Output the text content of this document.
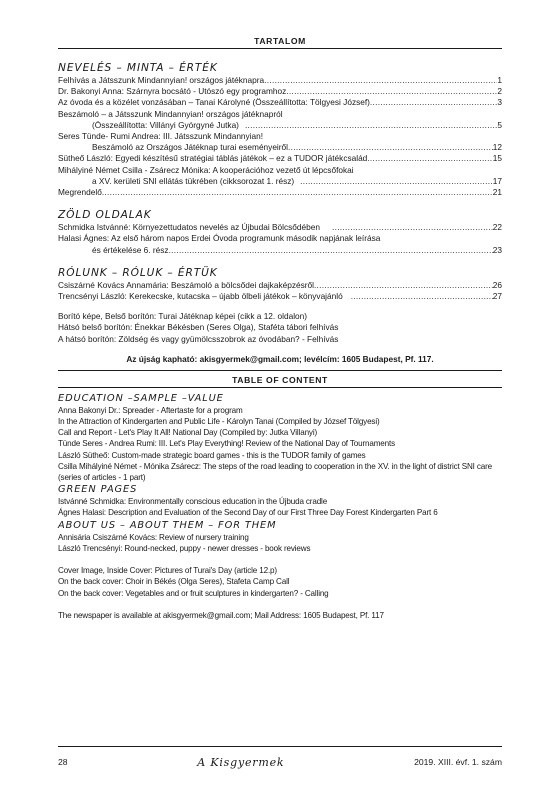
TARTALOM
NEVELÉS – MINTA – ÉRTÉK
Felhívás a Játsszunk Mindannyian! országos játéknapra .....	1
Dr. Bakonyi Anna: Szárnyra bocsátó - Utószó egy programhoz .....	2
Az óvoda és a közélet vonzásában – Tanai Károlyné (Összeállította: Tölgyesi József) .....	3
Beszámoló – a Játsszunk Mindannyian! országos játéknapról
(Összeállította: Villányi Gyórgyné Jutka) .....	5
Seres Tünde- Rumi Andrea: III. Játsszunk Mindannyian!
Beszámoló az Országos Játéknap turai eseményeiről .....	12
Sütheő László: Egyedi készítésű stratégiai táblás játékok – ez a TUDOR játékcsalád .....	15
Mihályiné Német Csilla - Zsárecz Mónika: A kooperációhoz vezető út lépcsőfokai
a XV. kerületi SNI ellátás tükrében (cikksorozat 1. rész) .....	17
Megrendelő .....	21
ZÖLD OLDALAK
Schmidka Istvánné: Környezettudatos nevelés az Újbudai Bölcsődében .....	22
Halasi Ágnes: Az első három napos Erdei Óvoda programunk második napjának leírása
és értékelése 6. rész .....	23
RÓLUNK – RÓLUK – ÉRTÜK
Csiszárné Kovács Annamária: Beszámoló a bölcsődei dajkaképzésről .....	26
Trencsényi László: Kerekecske, kutacska – újabb ölbeli játékok – könyvajánló .....	27
Borító képe, Belső borítón: Turai Játéknap képei (cikk a 12. oldalon)
Hátsó belső borítón: Énekkar Békésben (Seres Olga), Staféta tábori felhívás
A hátsó borítón: Zöldség és vagy gyümölcsszobrok az óvodában? - Felhívás
Az újság kapható: akisgyermek@gmail.com; levélcím: 1605 Budapest, Pf. 117.
TABLE OF CONTENT
EDUCATION –SAMPLE –VALUE
Anna Bakonyi Dr.: Spreader - Aftertaste for a program
In the Attraction of Kindergarten and Public Life - Károlyn Tanai (Compiled by József Tölgyesi)
Call and Report - Let's Play It All! National Day (Compiled by: Jutka Villanyi)
Tünde Seres - Andrea Rumi: III. Let's Play Everything! Review of the National Day of Tournaments
László Sütheő: Custom-made strategic board games - this is the TUDOR family of games
Csilla Mihályiné Német - Mónika Zsárecz: The steps of the road leading to cooperation in the XV. in the light of district SNI care (series of articles - 1 part)
GREEN PAGES
Istvánné Schmidka: Environmentally conscious education in the Újbuda cradle
Ágnes Halasi: Description and Evaluation of the Second Day of our First Three Day Forest Kindergarten Part 6
ABOUT US – ABOUT THEM – FOR THEM
Annisária Csiszárné Kovács: Review of nursery training
László Trencsényi: Round-necked, puppy - newer dresses - book reviews
Cover Image, Inside Cover: Pictures of Turai's Day (article 12.p)
On the back cover: Choir in Békés (Olga Seres), Stafeta Camp Call
On the back cover: Vegetables and or fruit sculptures in kindergarten? - Calling
The newspaper is available at akisgyermek@gmail.com; Mail Address: 1605 Budapest, Pf. 117
28	A Kisgyermek	2019. XIII. évf. 1. szám
